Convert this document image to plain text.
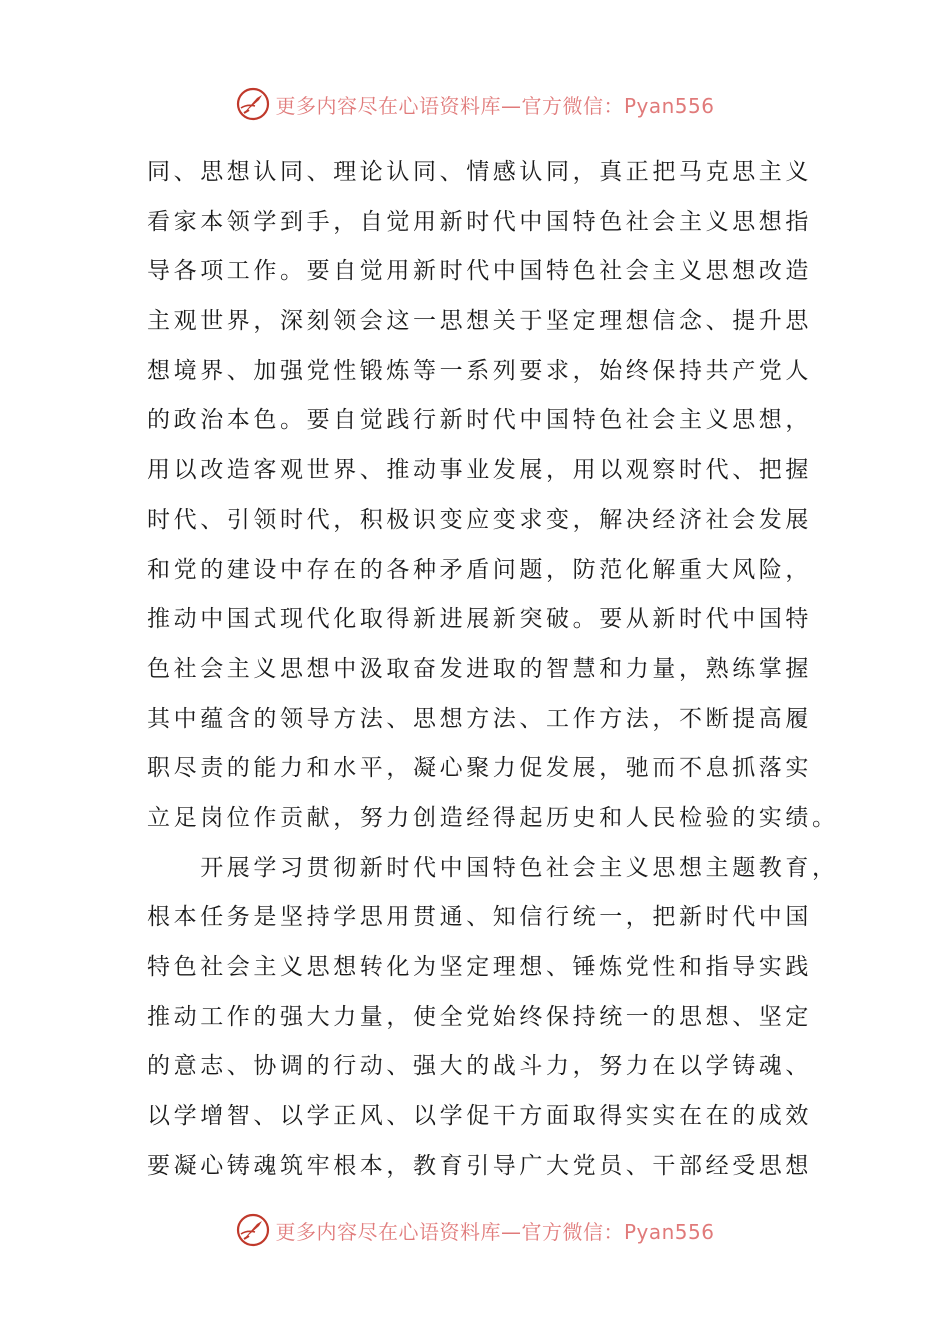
更多内容尽在心语资料库—官方微信：Pyan556
同、思想认同、理论认同、情感认同，真正把马克思主义
看家本领学到手，自觉用新时代中国特色社会主义思想指
导各项工作。要自觉用新时代中国特色社会主义思想改造
主观世界，深刻领会这一思想关于坚定理想信念、提升思
想境界、加强党性锻炼等一系列要求，始终保持共产党人
的政治本色。要自觉践行新时代中国特色社会主义思想，
用以改造客观世界、推动事业发展，用以观察时代、把握
时代、引领时代，积极识变应变求变，解决经济社会发展
和党的建设中存在的各种矛盾问题，防范化解重大风险，
推动中国式现代化取得新进展新突破。要从新时代中国特
色社会主义思想中汲取奋发进取的智慧和力量，熟练掌握
其中蕴含的领导方法、思想方法、工作方法，不断提高履
职尽责的能力和水平，凝心聚力促发展，驰而不息抓落实
立足岗位作贡献，努力创造经得起历史和人民检验的实绩。
　　开展学习贯彻新时代中国特色社会主义思想主题教育，
根本任务是坚持学思用贯通、知信行统一，把新时代中国
特色社会主义思想转化为坚定理想、锤炼党性和指导实践
推动工作的强大力量，使全党始终保持统一的思想、坚定
的意志、协调的行动、强大的战斗力，努力在以学铸魂、
以学增智、以学正风、以学促干方面取得实实在在的成效
要凝心铸魂筑牢根本，教育引导广大党员、干部经受思想
更多内容尽在心语资料库—官方微信：Pyan556
